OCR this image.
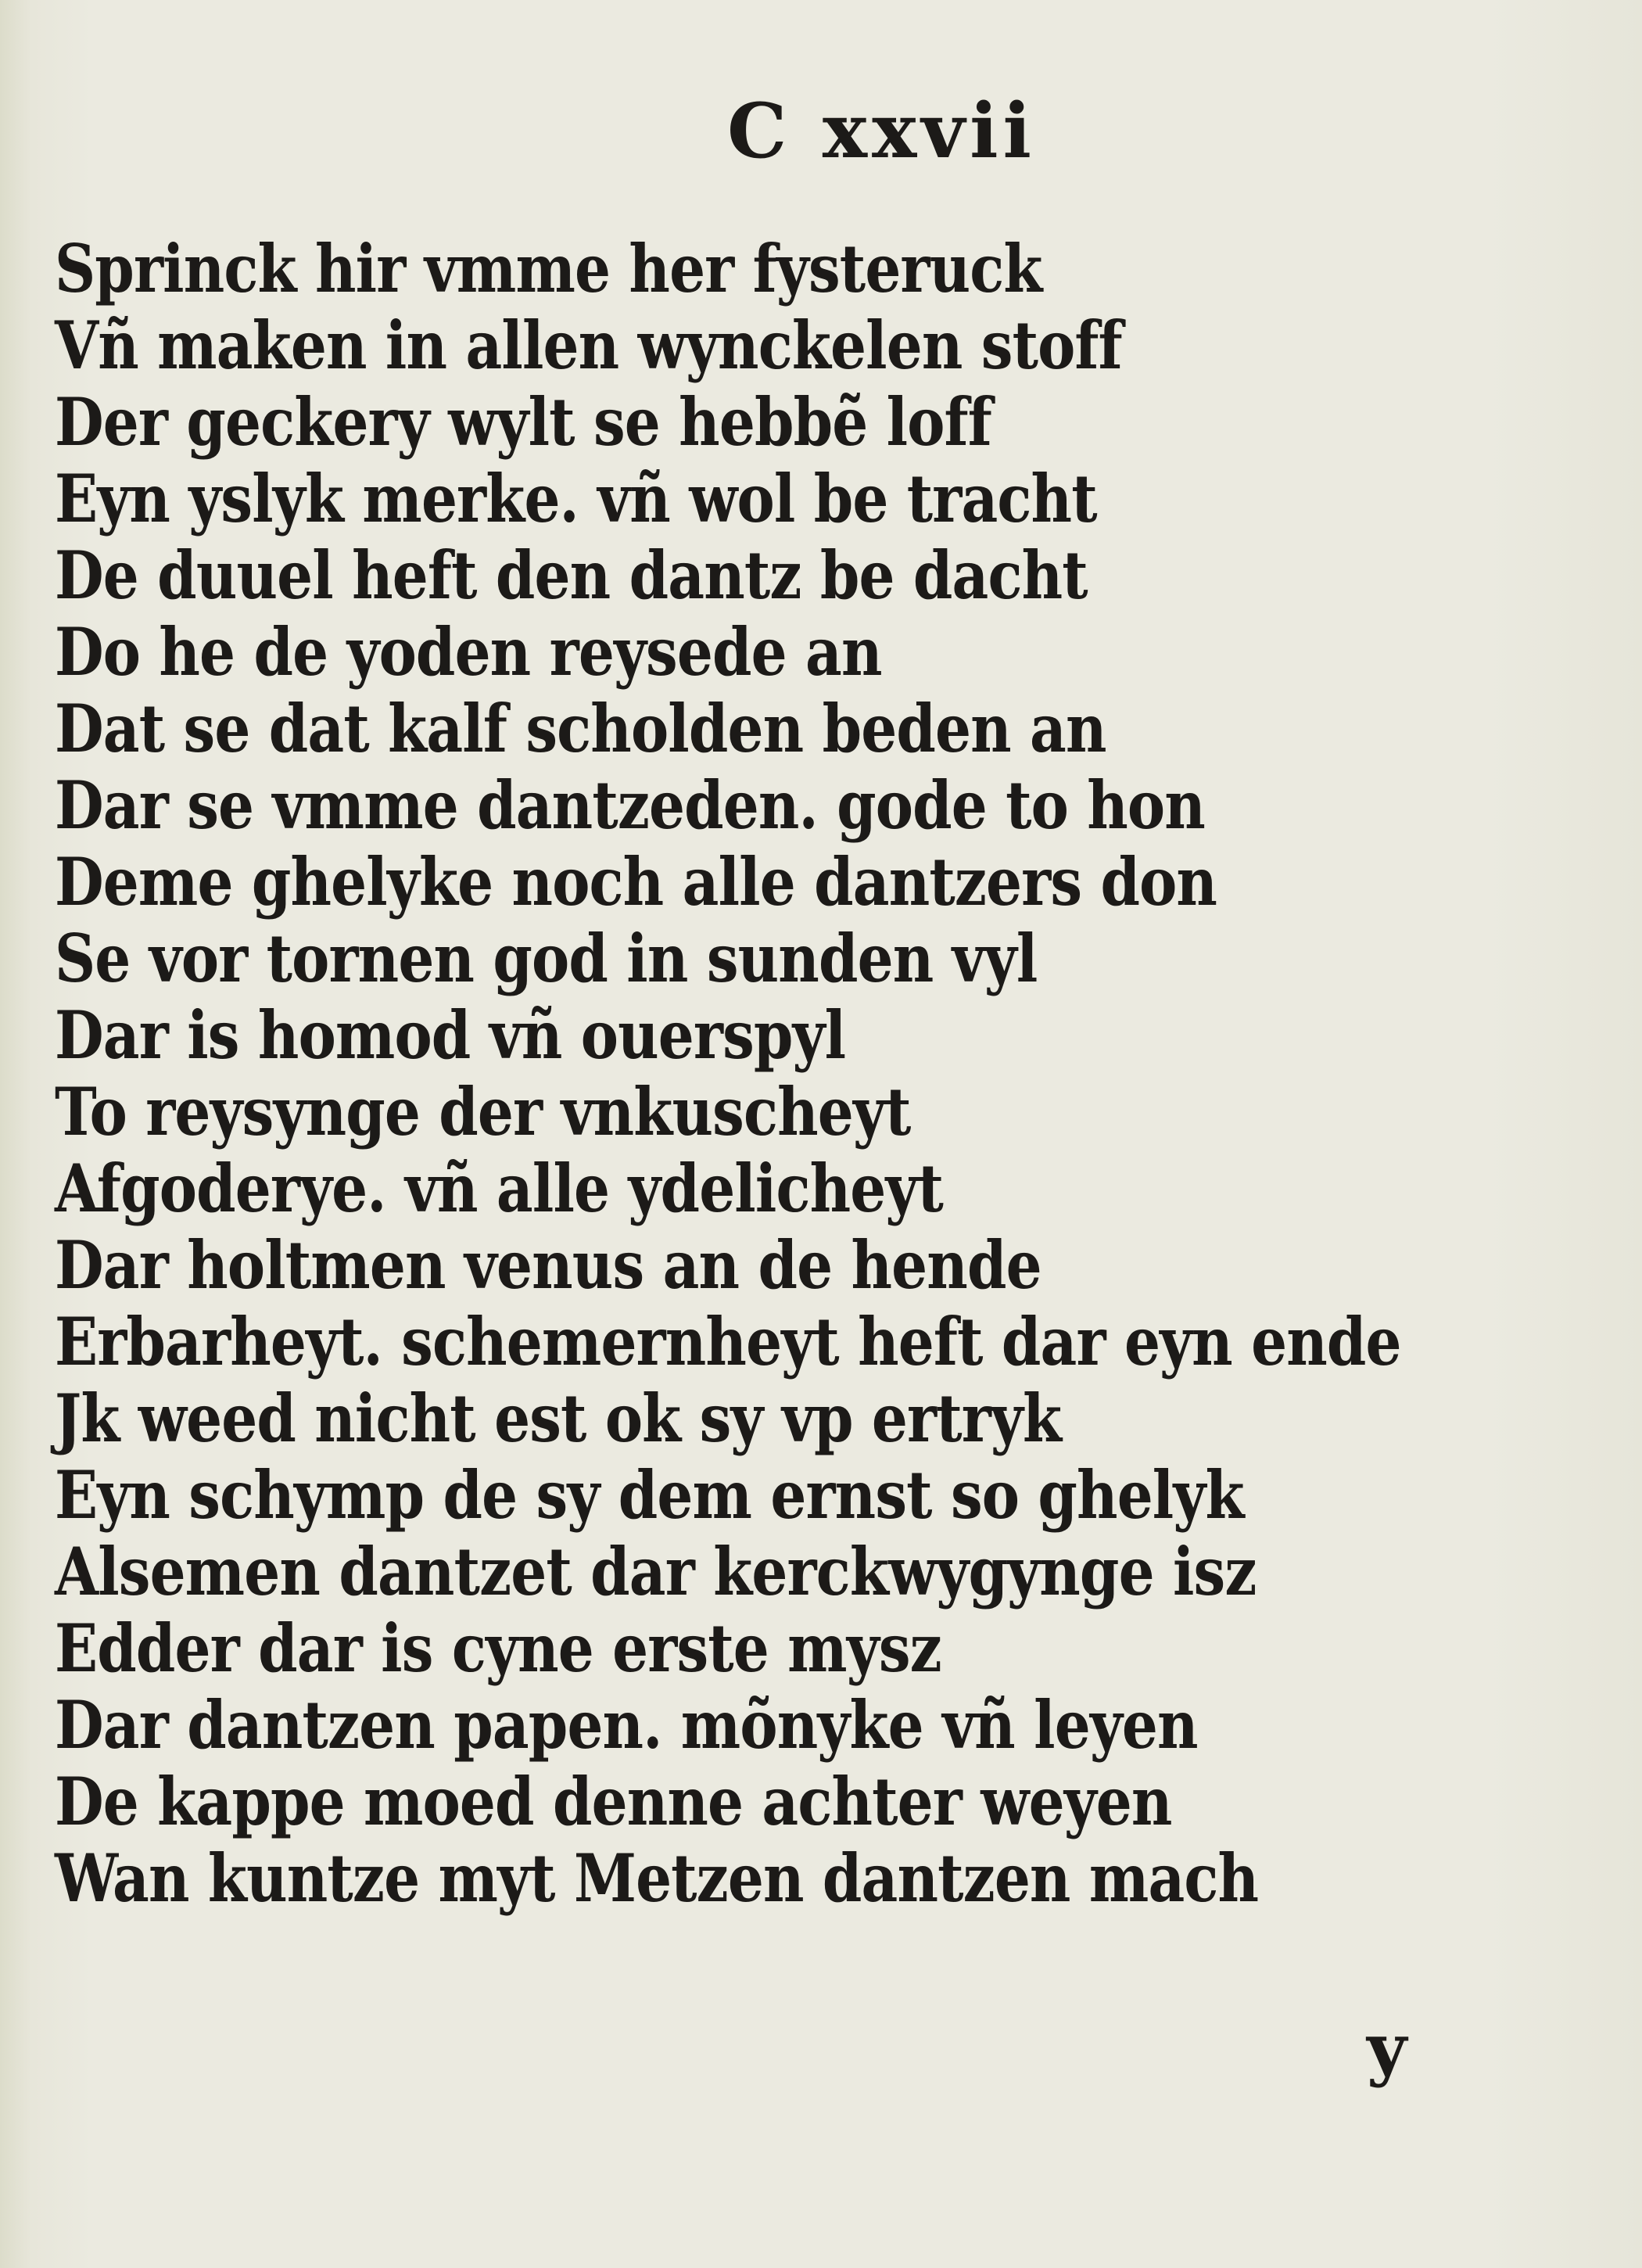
C xxvii
Sprinck hir vmme her fysteruck
Vñ maken in allen wynckelen stoff
Der geckery wylt se hebbẽ loff
Eyn yslyk merke. vñ wol be tracht
De duuel heft den dantz be dacht
Do he de yoden reysede an
Dat se dat kalf scholden beden an
Dar se vmme dantzeden. gode to hon
Deme ghelyke noch alle dantzers don
Se vor tornen god in sunden vyl
Dar is homod vñ ouerspyl
To reysynge der vnkuscheyt
Afgoderye. vñ alle ydelicheyt
Dar holtmen venus an de hende
Erbarheyt. schemernheyt heft dar eyn ende
Jk weed nicht est ok sy vp ertryk
Eyn schymp de sy dem ernst so ghelyk
Alsemen dantzet dar kerckwygynge isz
Edder dar is cyne erste mysz
Dar dantzen papen. mõnyke vñ leyen
De kappe moed denne achter weyen
Wan kuntze myt Metzen dantzen mach
y
